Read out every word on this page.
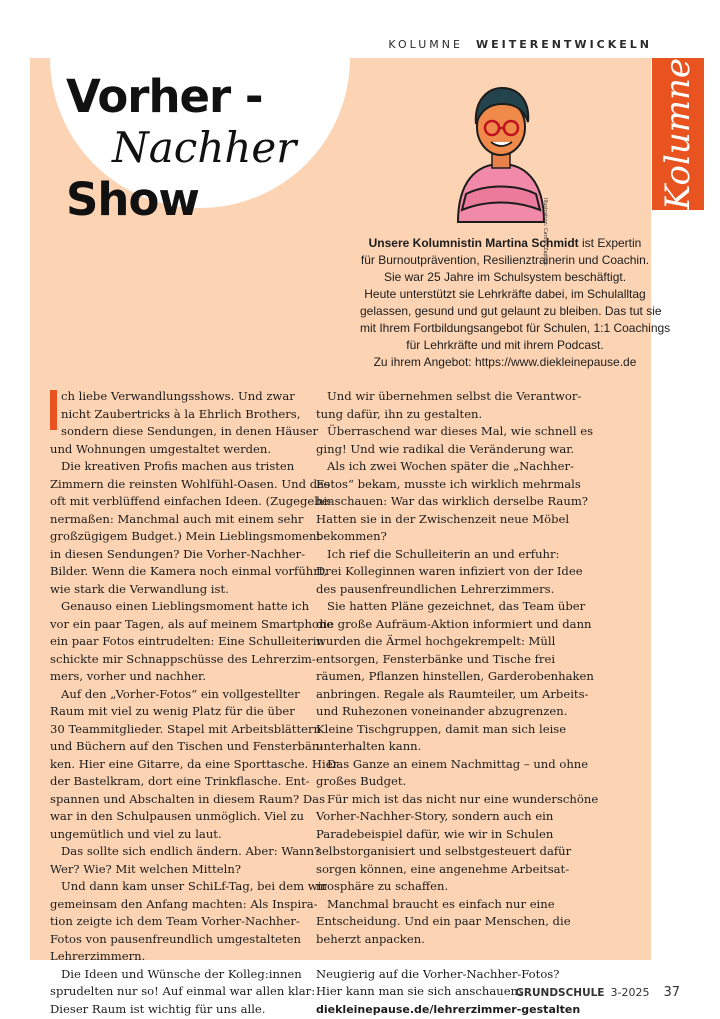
KOLUMNE WEITERENTWICKELN
Vorher -
Nachher
Show	Illustration: Carolin Zapanc
Unsere Kolumnistin Martina Schmidt ist Expertin
für Burnoutprävention, Resilienztrainerin und Coachin.
Sie war 25 Jahre im Schulsystem beschäftigt.
Heute unterstützt sie Lehrkräfte dabei, im Schulalltag
gelassen, gesund und gut gelaunt zu bleiben. Das tut sie
mit Ihrem Fortbildungsangebot für Schulen, 1:1 Coachings
für Lehrkräfte und mit ihrem Podcast.
Zu ihrem Angebot: https://www.diekleinepause.de
ch liebe Verwandlungsshows. Und zwar
nicht Zaubertricks à la Ehrlich Brothers,
sondern diese Sendungen, in denen Häuser
und Wohnungen umgestaltet werden.
Die kreativen Profis machen aus tristen
Zimmern die reinsten Wohlfühl-Oasen. Und das
oft mit verblüffend einfachen Ideen. (Zugegebe-
nermaßen: Manchmal auch mit einem sehr
großzügigem Budget.) Mein Lieblingsmoment
in diesen Sendungen? Die Vorher-Nachher-
Bilder. Wenn die Kamera noch einmal vorführt,
wie stark die Verwandlung ist.
Genauso einen Lieblingsmoment hatte ich
vor ein paar Tagen, als auf meinem Smartphone
ein paar Fotos eintrudelten: Eine Schulleiterin
schickte mir Schnappschüsse des Lehrerzim-
mers, vorher und nachher.
Auf den „Vorher-Fotos“ ein vollgestellter
Raum mit viel zu wenig Platz für die über
30 Teammitglieder. Stapel mit Arbeitsblättern
und Büchern auf den Tischen und Fensterbän-
ken. Hier eine Gitarre, da eine Sporttasche. Hier
der Bastelkram, dort eine Trinkflasche. Ent-
spannen und Abschalten in diesem Raum? Das
war in den Schulpausen unmöglich. Viel zu
ungemütlich und viel zu laut.
Das sollte sich endlich ändern. Aber: Wann?
Wer? Wie? Mit welchen Mitteln?
Und dann kam unser SchiLf-Tag, bei dem wir
gemeinsam den Anfang machten: Als Inspira-
tion zeigte ich dem Team Vorher-Nachher-
Fotos von pausenfreundlich umgestalteten
Lehrerzimmern.
Die Ideen und Wünsche der Kolleg:innen
sprudelten nur so! Auf einmal war allen klar:
Dieser Raum ist wichtig für uns alle.
Und wir übernehmen selbst die Verantwor-
tung dafür, ihn zu gestalten.
Überraschend war dieses Mal, wie schnell es
ging! Und wie radikal die Veränderung war.
Als ich zwei Wochen später die „Nachher-
Fotos“ bekam, musste ich wirklich mehrmals
hinschauen: War das wirklich derselbe Raum?
Hatten sie in der Zwischenzeit neue Möbel
bekommen?
Ich rief die Schulleiterin an und erfuhr:
Drei Kolleginnen waren infiziert von der Idee
des pausenfreundlichen Lehrerzimmers.
Sie hatten Pläne gezeichnet, das Team über
die große Aufräum-Aktion informiert und dann
wurden die Ärmel hochgekrempelt: Müll
entsorgen, Fensterbänke und Tische frei
räumen, Pflanzen hinstellen, Garderobenhaken
anbringen. Regale als Raumteiler, um Arbeits-
und Ruhezonen voneinander abzugrenzen.
Kleine Tischgruppen, damit man sich leise
unterhalten kann.
Das Ganze an einem Nachmittag – und ohne
großes Budget.
Für mich ist das nicht nur eine wunderschöne
Vorher-Nachher-Story, sondern auch ein
Paradebeispiel dafür, wie wir in Schulen
selbstorganisiert und selbstgesteuert dafür
sorgen können, eine angenehme Arbeitsat-
mosphäre zu schaffen.
Manchmal braucht es einfach nur eine
Entscheidung. Und ein paar Menschen, die
beherzt anpacken.
Neugierig auf die Vorher-Nachher-Fotos?
Hier kann man sie sich anschauen:
diekleinepause.de/lehrerzimmer-gestalten
Kolumne
GRUNDSCHULE 3-2025 37
